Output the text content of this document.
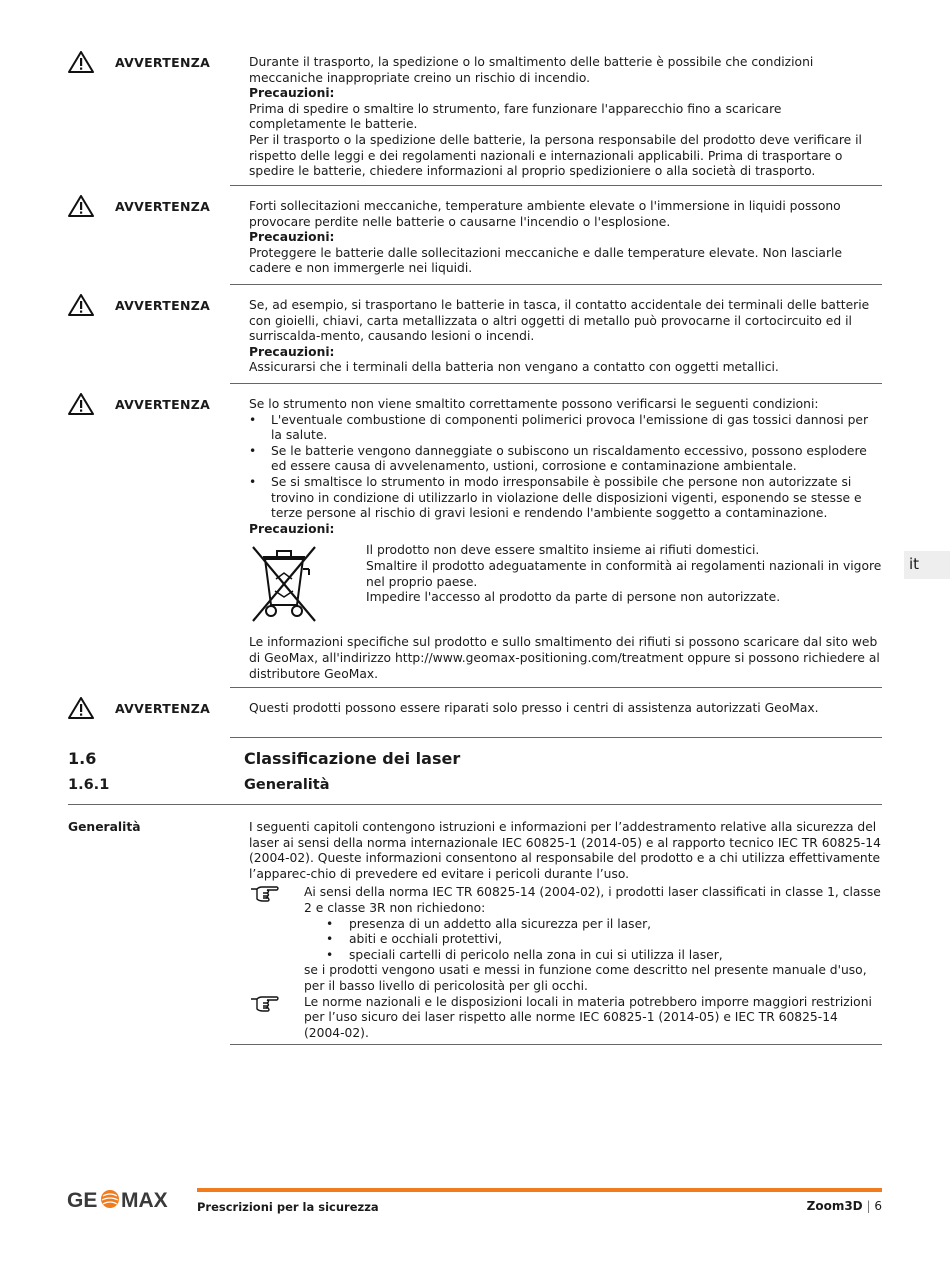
AVVERTENZA	Durante il trasporto, la spedizione o lo smaltimento delle batterie è possibile che condizioni meccaniche inappropriate creino un rischio di incendio.

Precauzioni:

Prima di spedire o smaltire lo strumento, fare funzionare l'apparecchio fino a scaricare completamente le batterie.

Per il trasporto o la spedizione delle batterie, la persona responsabile del prodotto deve verificare il rispetto delle leggi e dei regolamenti nazionali e internazionali applicabili. Prima di trasportare o spedire le batterie, chiedere informazioni al proprio spedizioniere o alla società di trasporto.

AVVERTENZA	Forti sollecitazioni meccaniche, temperature ambiente elevate o l'immersione in liquidi possono provocare perdite nelle batterie o causarne l'incendio o l'esplosione.

Precauzioni:

Proteggere le batterie dalle sollecitazioni meccaniche e dalle temperature elevate. Non lasciarle cadere e non immergerle nei liquidi.

AVVERTENZA	Se, ad esempio, si trasportano le batterie in tasca, il contatto accidentale dei terminali delle batterie con gioielli, chiavi, carta metallizzata o altri oggetti di metallo può provocarne il cortocircuito ed il surriscalda-mento, causando lesioni o incendi.

Precauzioni:

Assicurarsi che i terminali della batteria non vengano a contatto con oggetti metallici.

AVVERTENZA	Se lo strumento non viene smaltito correttamente possono verificarsi le seguenti condizioni:

• L'eventuale combustione di componenti polimerici provoca l'emissione di gas tossici dannosi per la salute.
• Se le batterie vengono danneggiate o subiscono un riscaldamento eccessivo, possono esplodere ed essere causa di avvelenamento, ustioni, corrosione e contaminazione ambientale.
• Se si smaltisce lo strumento in modo irresponsabile è possibile che persone non autorizzate si trovino in condizione di utilizzarlo in violazione delle disposizioni vigenti, esponendo se stesse e terze persone al rischio di gravi lesioni e rendendo l'ambiente soggetto a contaminazione.

Precauzioni:

Il prodotto non deve essere smaltito insieme ai rifiuti domestici.

Smaltire il prodotto adeguatamente in conformità ai regolamenti nazionali in vigore nel proprio paese.

Impedire l'accesso al prodotto da parte di persone non autorizzate.

Le informazioni specifiche sul prodotto e sullo smaltimento dei rifiuti si possono scaricare dal sito web di GeoMax, all'indirizzo http://www.geomax-positioning.com/treatment oppure si possono richiedere al distributore GeoMax.

AVVERTENZA	Questi prodotti possono essere riparati solo presso i centri di assistenza autorizzati GeoMax.

1.6	Classificazione dei laser
1.6.1	Generalità
Generalità	I seguenti capitoli contengono istruzioni e informazioni per l’addestramento relative alla sicurezza del laser ai sensi della norma internazionale IEC 60825-1 (2014-05) e al rapporto tecnico IEC TR 60825-14 (2004-02). Queste informazioni consentono al responsabile del prodotto e a chi utilizza effettivamente l’apparec-chio di prevedere ed evitare i pericoli durante l’uso.

Ai sensi della norma IEC TR 60825-14 (2004-02), i prodotti laser classificati in classe 1, classe 2 e classe 3R non richiedono:

• presenza di un addetto alla sicurezza per il laser,
• abiti e occhiali protettivi,
• speciali cartelli di pericolo nella zona in cui si utilizza il laser,

se i prodotti vengono usati e messi in funzione come descritto nel presente manuale d'uso, per il basso livello di pericolosità per gli occhi.

Le norme nazionali e le disposizioni locali in materia potrebbero imporre maggiori restrizioni per l’uso sicuro dei laser rispetto alle norme IEC 60825-1 (2014-05) e IEC TR 60825-14 (2004-02).

it
GE MAX	Prescrizioni per la sicurezza	Zoom3D | 6
